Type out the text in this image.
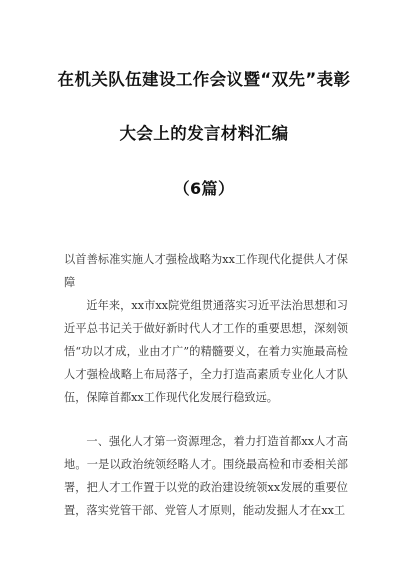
在机关队伍建设工作会议暨“双先”表彰
大会上的发言材料汇编
（6篇）

以首善标准实施人才强检战略为xx工作现代化提供人才保障

近年来，xx市xx院党组贯通落实习近平法治思想和习近平总书记关于做好新时代人才工作的重要思想，深刻领悟“功以才成，业由才广”的精髓要义，在着力实施最高检人才强检战略上布局落子，全力打造高素质专业化人才队伍，保障首都xx工作现代化发展行稳致远。

一、强化人才第一资源理念，着力打造首都xx人才高地。一是以政治统领经略人才。围绕最高检和市委相关部署，把人才工作置于以党的政治建设统领xx发展的重要位置，落实党管干部、党管人才原则，能动发掘人才在xx工
